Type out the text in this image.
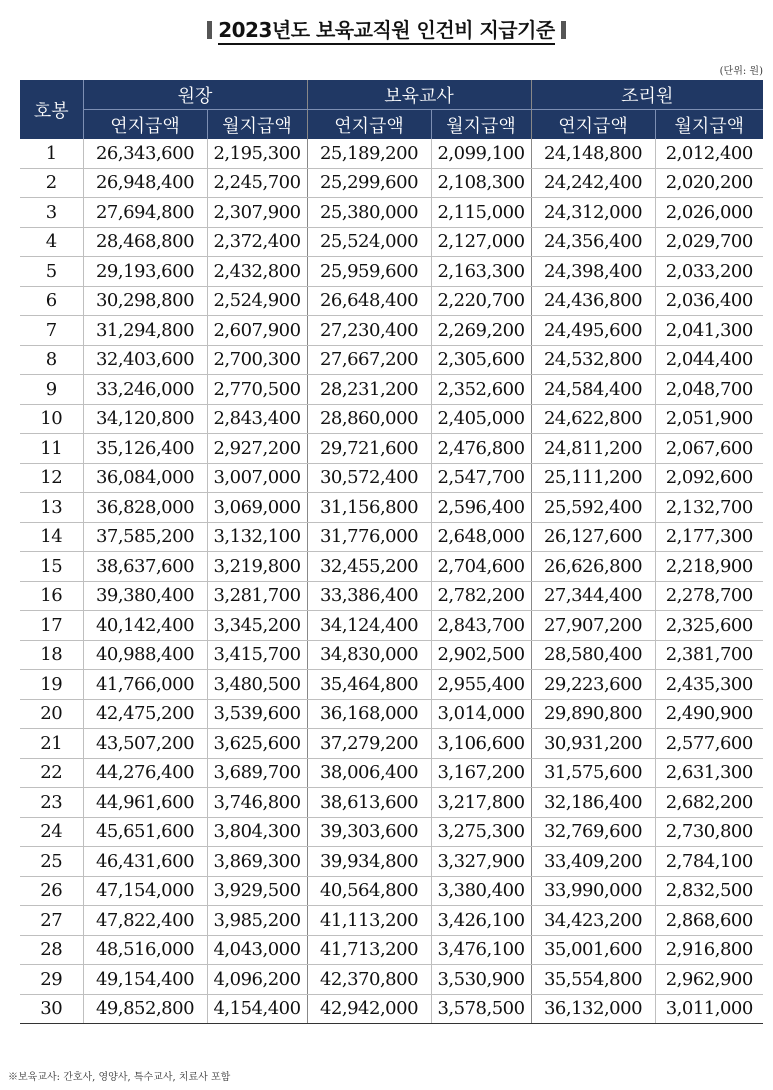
2023년도 보육교직원 인건비 지급기준
(단위: 원)
호봉	원장		보육교사		조리원	
	연지급액	월지급액	연지급액	월지급액	연지급액	월지급액
1	26,343,600	2,195,300	25,189,200	2,099,100	24,148,800	2,012,400
2	26,948,400	2,245,700	25,299,600	2,108,300	24,242,400	2,020,200
3	27,694,800	2,307,900	25,380,000	2,115,000	24,312,000	2,026,000
4	28,468,800	2,372,400	25,524,000	2,127,000	24,356,400	2,029,700
5	29,193,600	2,432,800	25,959,600	2,163,300	24,398,400	2,033,200
6	30,298,800	2,524,900	26,648,400	2,220,700	24,436,800	2,036,400
7	31,294,800	2,607,900	27,230,400	2,269,200	24,495,600	2,041,300
8	32,403,600	2,700,300	27,667,200	2,305,600	24,532,800	2,044,400
9	33,246,000	2,770,500	28,231,200	2,352,600	24,584,400	2,048,700
10	34,120,800	2,843,400	28,860,000	2,405,000	24,622,800	2,051,900
11	35,126,400	2,927,200	29,721,600	2,476,800	24,811,200	2,067,600
12	36,084,000	3,007,000	30,572,400	2,547,700	25,111,200	2,092,600
13	36,828,000	3,069,000	31,156,800	2,596,400	25,592,400	2,132,700
14	37,585,200	3,132,100	31,776,000	2,648,000	26,127,600	2,177,300
15	38,637,600	3,219,800	32,455,200	2,704,600	26,626,800	2,218,900
16	39,380,400	3,281,700	33,386,400	2,782,200	27,344,400	2,278,700
17	40,142,400	3,345,200	34,124,400	2,843,700	27,907,200	2,325,600
18	40,988,400	3,415,700	34,830,000	2,902,500	28,580,400	2,381,700
19	41,766,000	3,480,500	35,464,800	2,955,400	29,223,600	2,435,300
20	42,475,200	3,539,600	36,168,000	3,014,000	29,890,800	2,490,900
21	43,507,200	3,625,600	37,279,200	3,106,600	30,931,200	2,577,600
22	44,276,400	3,689,700	38,006,400	3,167,200	31,575,600	2,631,300
23	44,961,600	3,746,800	38,613,600	3,217,800	32,186,400	2,682,200
24	45,651,600	3,804,300	39,303,600	3,275,300	32,769,600	2,730,800
25	46,431,600	3,869,300	39,934,800	3,327,900	33,409,200	2,784,100
26	47,154,000	3,929,500	40,564,800	3,380,400	33,990,000	2,832,500
27	47,822,400	3,985,200	41,113,200	3,426,100	34,423,200	2,868,600
28	48,516,000	4,043,000	41,713,200	3,476,100	35,001,600	2,916,800
29	49,154,400	4,096,200	42,370,800	3,530,900	35,554,800	2,962,900
30	49,852,800	4,154,400	42,942,000	3,578,500	36,132,000	3,011,000
※보육교사: 간호사, 영양사, 특수교사, 치료사 포함
